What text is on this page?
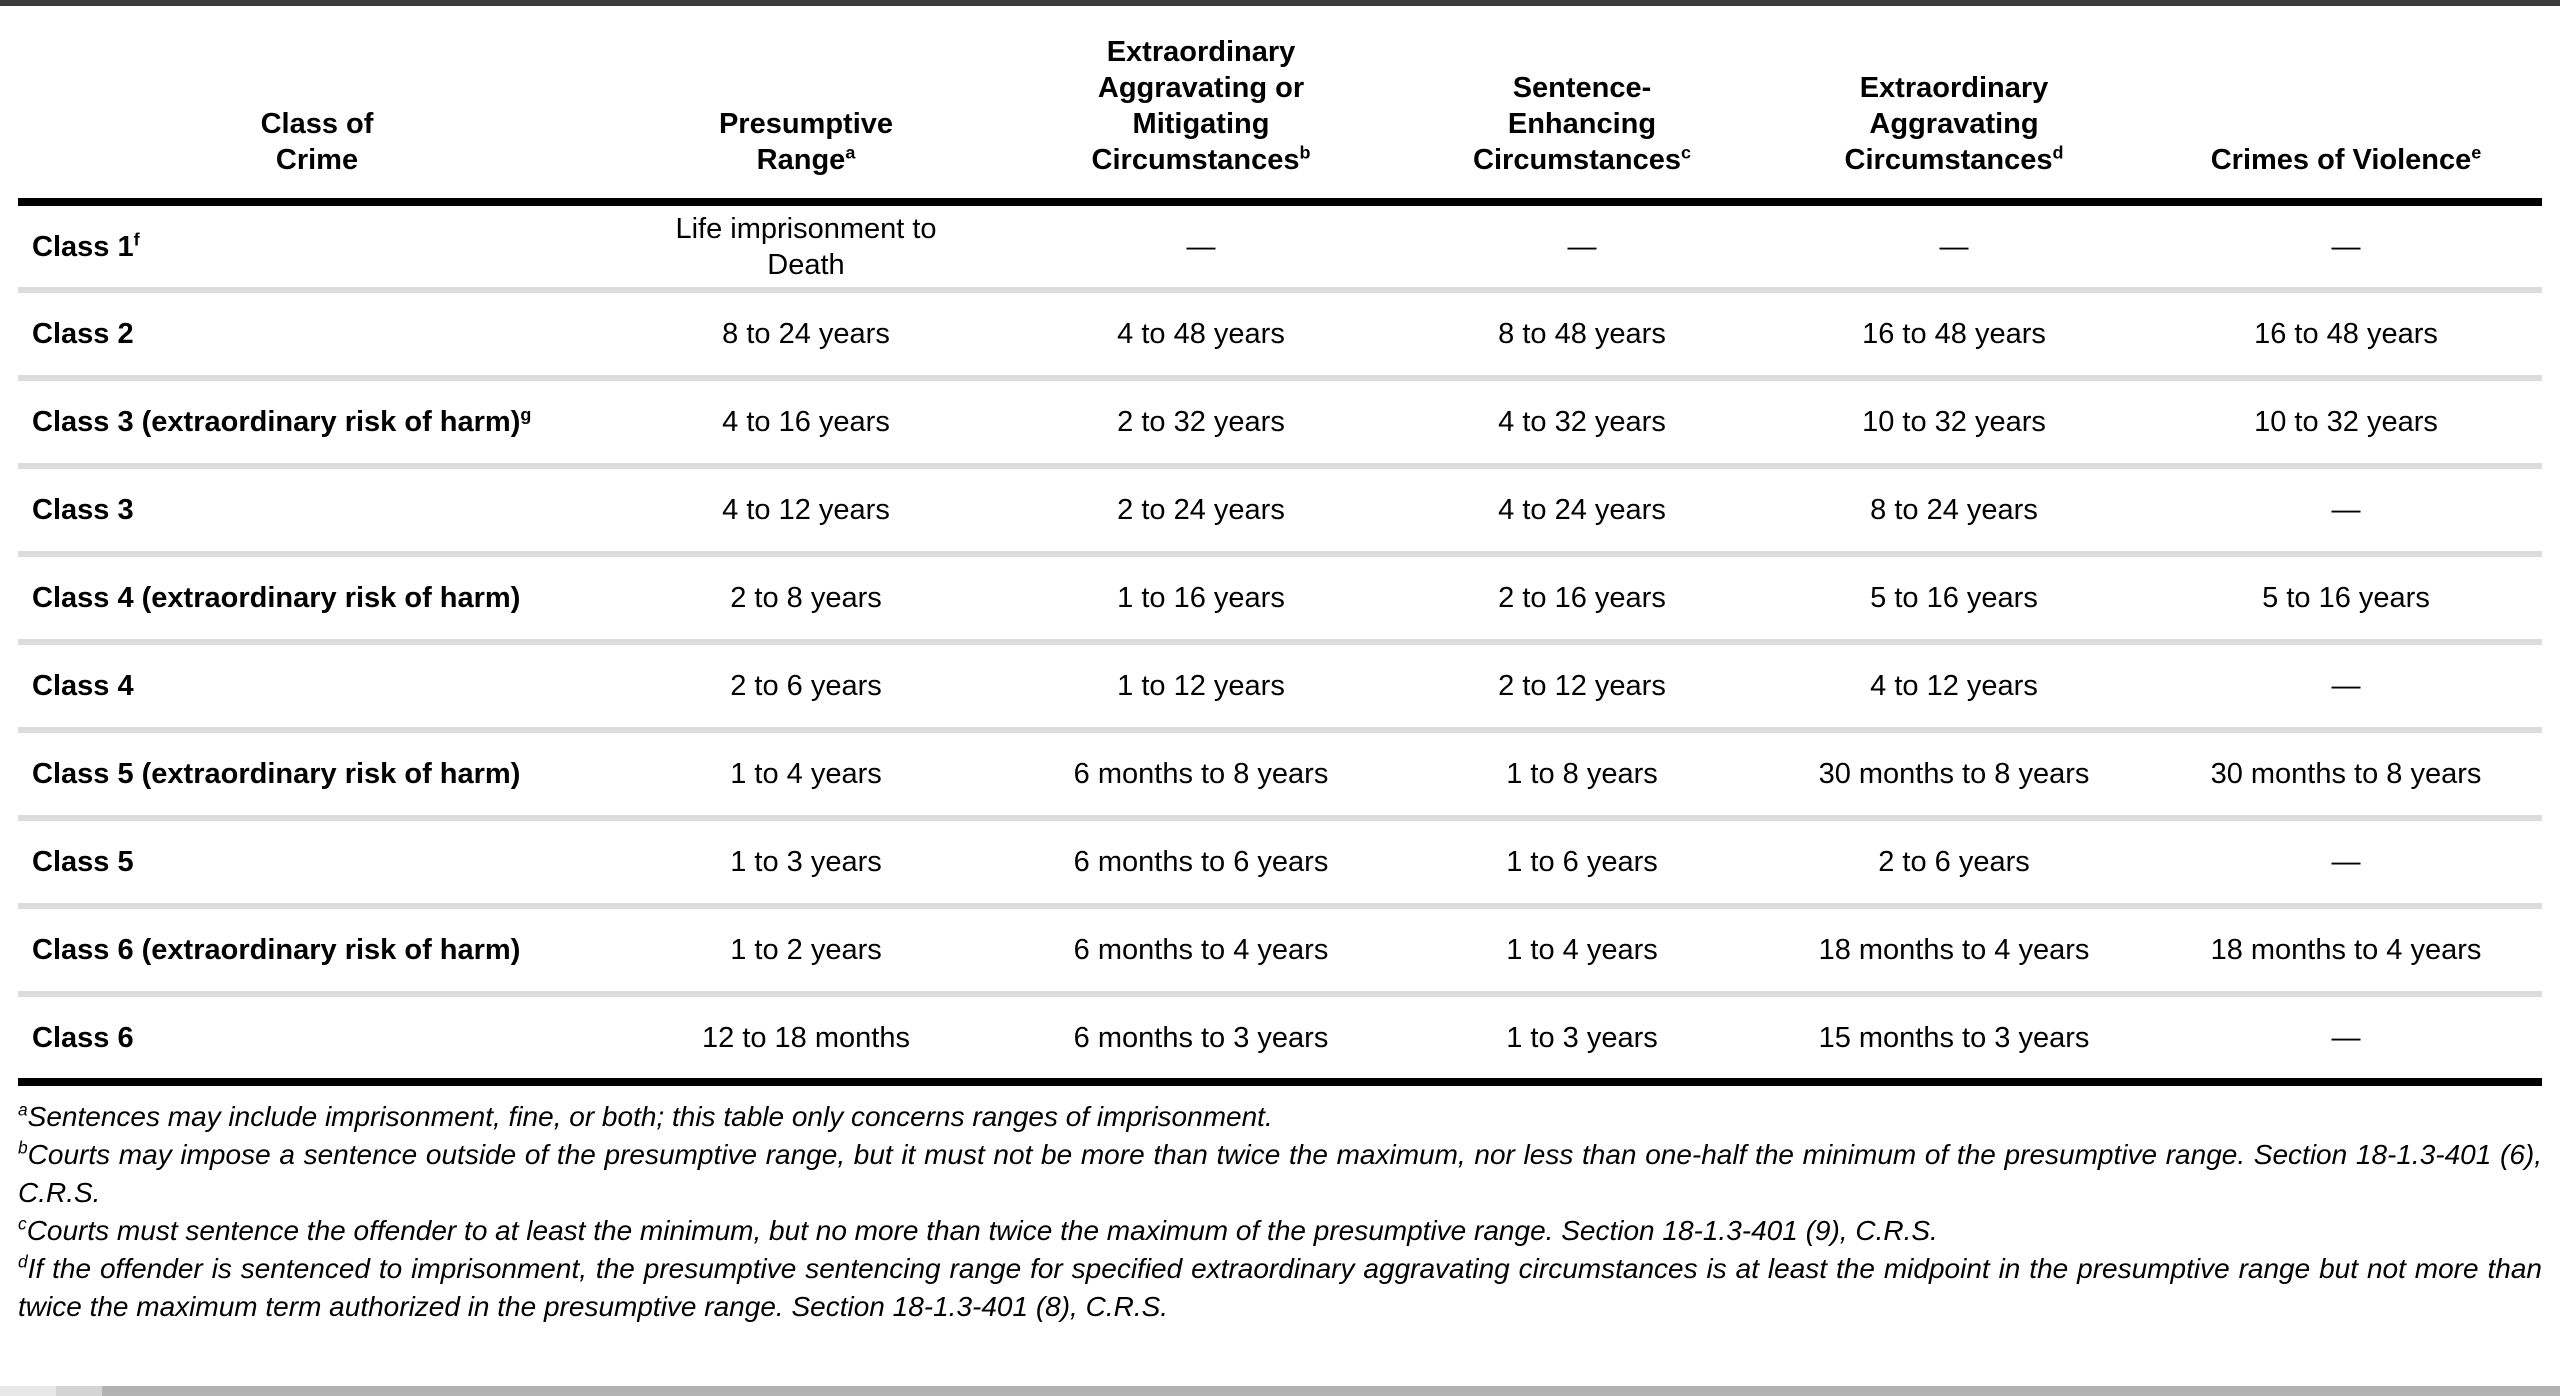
Class of Crime	Presumptive Range$^a$	Extraordinary Aggravating or Mitigating Circumstances$^b$	Sentence-Enhancing Circumstances$^c$	Extraordinary Aggravating Circumstances$^d$	Crimes of Violence$^e$
Class 1$^f$	Life imprisonment to Death	—	—	—	—
Class 2	8 to 24 years	4 to 48 years	8 to 48 years	16 to 48 years	16 to 48 years
Class 3 (extraordinary risk of harm)$^g$	4 to 16 years	2 to 32 years	4 to 32 years	10 to 32 years	10 to 32 years
Class 3	4 to 12 years	2 to 24 years	4 to 24 years	8 to 24 years	—
Class 4 (extraordinary risk of harm)	2 to 8 years	1 to 16 years	2 to 16 years	5 to 16 years	5 to 16 years
Class 4	2 to 6 years	1 to 12 years	2 to 12 years	4 to 12 years	—
Class 5 (extraordinary risk of harm)	1 to 4 years	6 months to 8 years	1 to 8 years	30 months to 8 years	30 months to 8 years
Class 5	1 to 3 years	6 months to 6 years	1 to 6 years	2 to 6 years	—
Class 6 (extraordinary risk of harm)	1 to 2 years	6 months to 4 years	1 to 4 years	18 months to 4 years	18 months to 4 years
Class 6	12 to 18 months	6 months to 3 years	1 to 3 years	15 months to 3 years	—

$^a$Sentences may include imprisonment, fine, or both; this table only concerns ranges of imprisonment.

$^b$Courts may impose a sentence outside of the presumptive range, but it must not be more than twice the maximum, nor less than one-half the minimum of the presumptive range. Section 18-1.3-401 (6), C.R.S.

$^c$Courts must sentence the offender to at least the minimum, but no more than twice the maximum of the presumptive range. Section 18-1.3-401 (9), C.R.S.

$^d$If the offender is sentenced to imprisonment, the presumptive sentencing range for specified extraordinary aggravating circumstances is at least the midpoint in the presumptive range but not more than twice the maximum term authorized in the presumptive range. Section 18-1.3-401 (8), C.R.S.
